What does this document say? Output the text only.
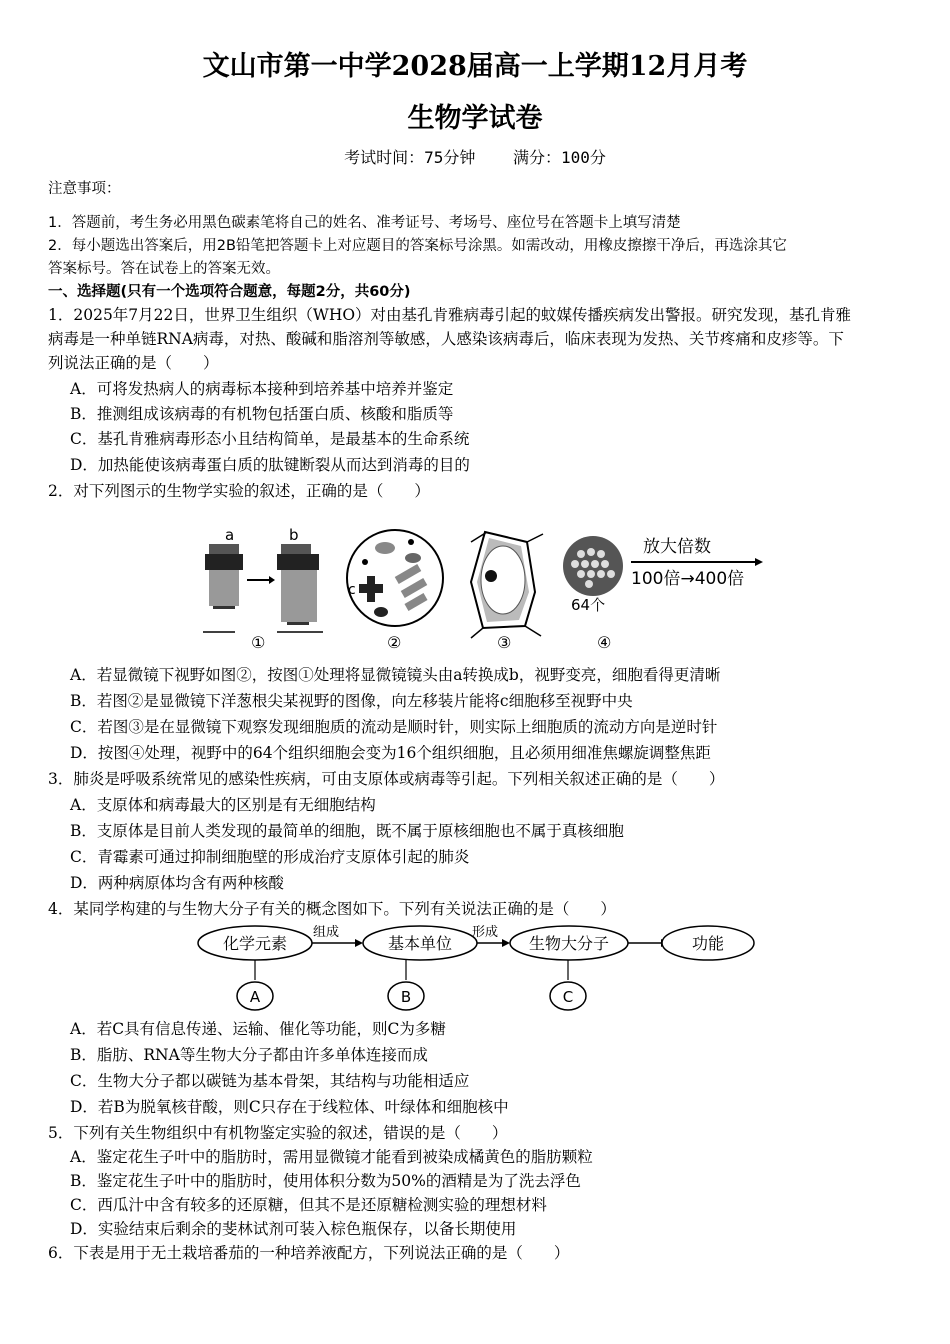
文山市第一中学2028届高一上学期12月月考
生物学试卷
考试时间：75分钟 满分：100分
注意事项：
1．答题前，考生务必用黑色碳素笔将自己的姓名、准考证号、考场号、座位号在答题卡上填写清楚
2．每小题选出答案后，用2B铅笔把答题卡上对应题目的答案标号涂黑。如需改动，用橡皮擦擦干净后，再选涂其它
答案标号。答在试卷上的答案无效。
一、选择题(只有一个选项符合题意，每题2分，共60分)
1．2025年7月22日，世界卫生组织（WHO）对由基孔肯雅病毒引起的蚊媒传播疾病发出警报。研究发现，基孔肯雅
病毒是一种单链RNA病毒，对热、酸碱和脂溶剂等敏感，人感染该病毒后，临床表现为发热、关节疼痛和皮疹等。下
列说法正确的是（　　）
A．可将发热病人的病毒标本接种到培养基中培养并鉴定
B．推测组成该病毒的有机物包括蛋白质、核酸和脂质等
C．基孔肯雅病毒形态小且结构简单，是最基本的生命系统
D．加热能使该病毒蛋白质的肽键断裂从而达到消毒的目的
2．对下列图示的生物学实验的叙述，正确的是（　　）
a	b
①
c
②	③
64个
放大倍数
100倍→400倍
④
A．若显微镜下视野如图②，按图①处理将显微镜镜头由a转换成b，视野变亮，细胞看得更清晰
B．若图②是显微镜下洋葱根尖某视野的图像，向左移装片能将c细胞移至视野中央
C．若图③是在显微镜下观察发现细胞质的流动是顺时针，则实际上细胞质的流动方向是逆时针
D．按图④处理，视野中的64个组织细胞会变为16个组织细胞，且必须用细准焦螺旋调整焦距
3．肺炎是呼吸系统常见的感染性疾病，可由支原体或病毒等引起。下列相关叙述正确的是（　　）
A．支原体和病毒最大的区别是有无细胞结构
B．支原体是目前人类发现的最简单的细胞，既不属于原核细胞也不属于真核细胞
C．青霉素可通过抑制细胞壁的形成治疗支原体引起的肺炎
D．两种病原体均含有两种核酸
4．某同学构建的与生物大分子有关的概念图如下。下列有关说法正确的是（　　）
化学元素
组成
基本单位
形成
生物大分子	功能
A	B	C
A．若C具有信息传递、运输、催化等功能，则C为多糖
B．脂肪、RNA等生物大分子都由许多单体连接而成
C．生物大分子都以碳链为基本骨架，其结构与功能相适应
D．若B为脱氧核苷酸，则C只存在于线粒体、叶绿体和细胞核中
5．下列有关生物组织中有机物鉴定实验的叙述，错误的是（　　）
A．鉴定花生子叶中的脂肪时，需用显微镜才能看到被染成橘黄色的脂肪颗粒
B．鉴定花生子叶中的脂肪时，使用体积分数为50%的酒精是为了洗去浮色
C．西瓜汁中含有较多的还原糖，但其不是还原糖检测实验的理想材料
D．实验结束后剩余的斐林试剂可装入棕色瓶保存，以备长期使用
6．下表是用于无土栽培番茄的一种培养液配方，下列说法正确的是（　　）
